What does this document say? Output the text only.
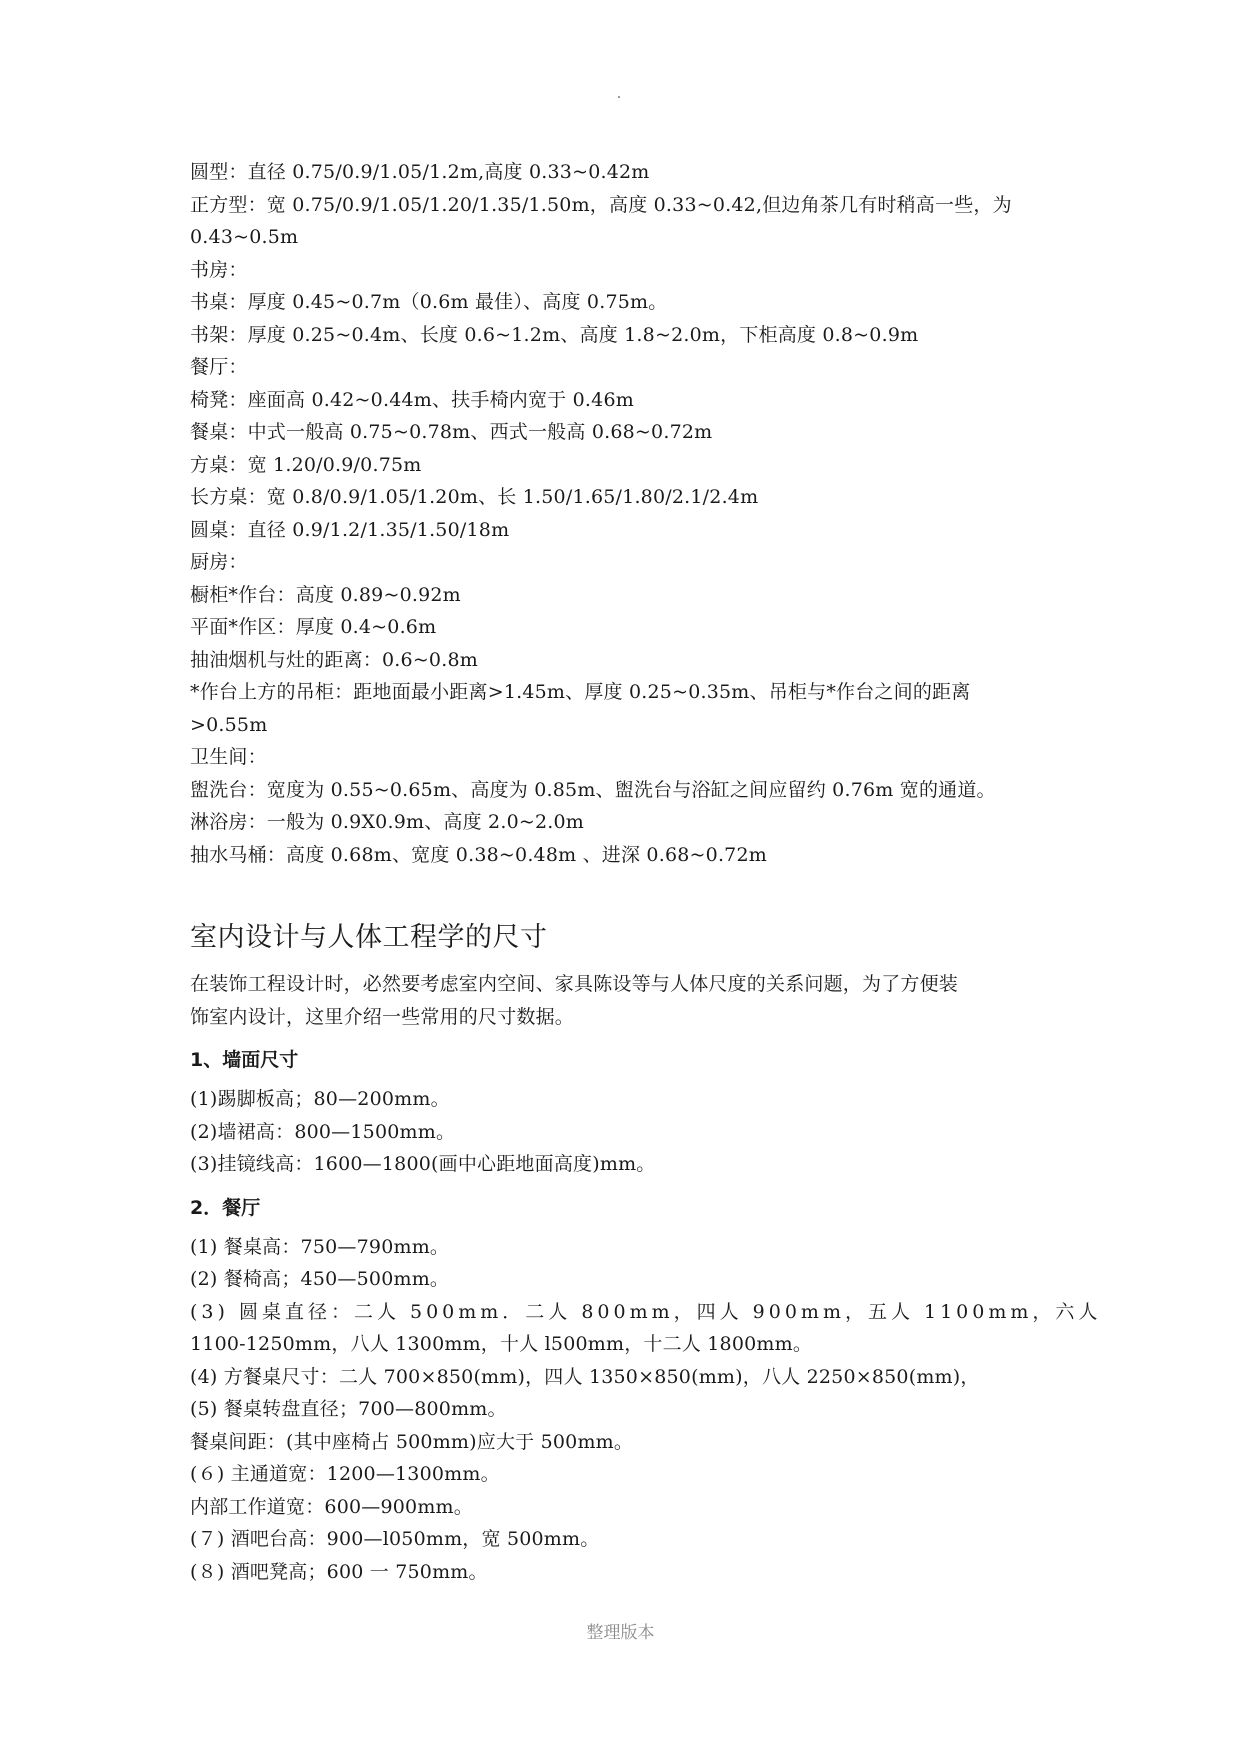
圆型：直径 0.75/0.9/1.05/1.2m,高度 0.33~0.42m
正方型：宽 0.75/0.9/1.05/1.20/1.35/1.50m，高度 0.33~0.42,但边角茶几有时稍高一些，为
0.43~0.5m
书房：
书桌：厚度 0.45~0.7m（0.6m 最佳）、高度 0.75m。
书架：厚度 0.25~0.4m、长度 0.6~1.2m、高度 1.8~2.0m，下柜高度 0.8~0.9m
餐厅：
椅凳：座面高 0.42~0.44m、扶手椅内宽于 0.46m
餐桌：中式一般高 0.75~0.78m、西式一般高 0.68~0.72m
方桌：宽 1.20/0.9/0.75m
长方桌：宽 0.8/0.9/1.05/1.20m、长 1.50/1.65/1.80/2.1/2.4m
圆桌：直径 0.9/1.2/1.35/1.50/18m
厨房：
橱柜*作台：高度 0.89~0.92m
平面*作区：厚度 0.4~0.6m
抽油烟机与灶的距离：0.6~0.8m
*作台上方的吊柜：距地面最小距离>1.45m、厚度 0.25~0.35m、吊柜与*作台之间的距离
>0.55m
卫生间：
盥洗台：宽度为 0.55~0.65m、高度为 0.85m、盥洗台与浴缸之间应留约 0.76m 宽的通道。
淋浴房：一般为 0.9X0.9m、高度 2.0~2.0m
抽水马桶：高度 0.68m、宽度 0.38~0.48m 、进深 0.68~0.72m
室内设计与人体工程学的尺寸
在装饰工程设计时，必然要考虑室内空间、家具陈设等与人体尺度的关系问题，为了方便装
饰室内设计，这里介绍一些常用的尺寸数据。
1、墙面尺寸
(1)踢脚板高；80—200mm。
(2)墙裙高：800—1500mm。
(3)挂镜线高：1600—1800(画中心距地面高度)mm。
2．餐厅
(1) 餐桌高：750—790mm。
(2) 餐椅高；450—500mm。
(3) 圆桌直径：二人 500mm．二人 800mm，四人 900mm，五人 1100mm，六人
1100-1250mm，八人 1300mm，十人 l500mm，十二人 1800mm。
(4) 方餐桌尺寸：二人 700×850(mm)，四人 1350×850(mm)，八人 2250×850(mm)，
(5) 餐桌转盘直径；700—800mm。
餐桌间距：(其中座椅占 500mm)应大于 500mm。
(６) 主通道宽：1200—1300mm。
内部工作道宽：600—900mm。
(７) 酒吧台高：900—l050mm，宽 500mm。
(８) 酒吧凳高；600 一 750mm。
整理版本
